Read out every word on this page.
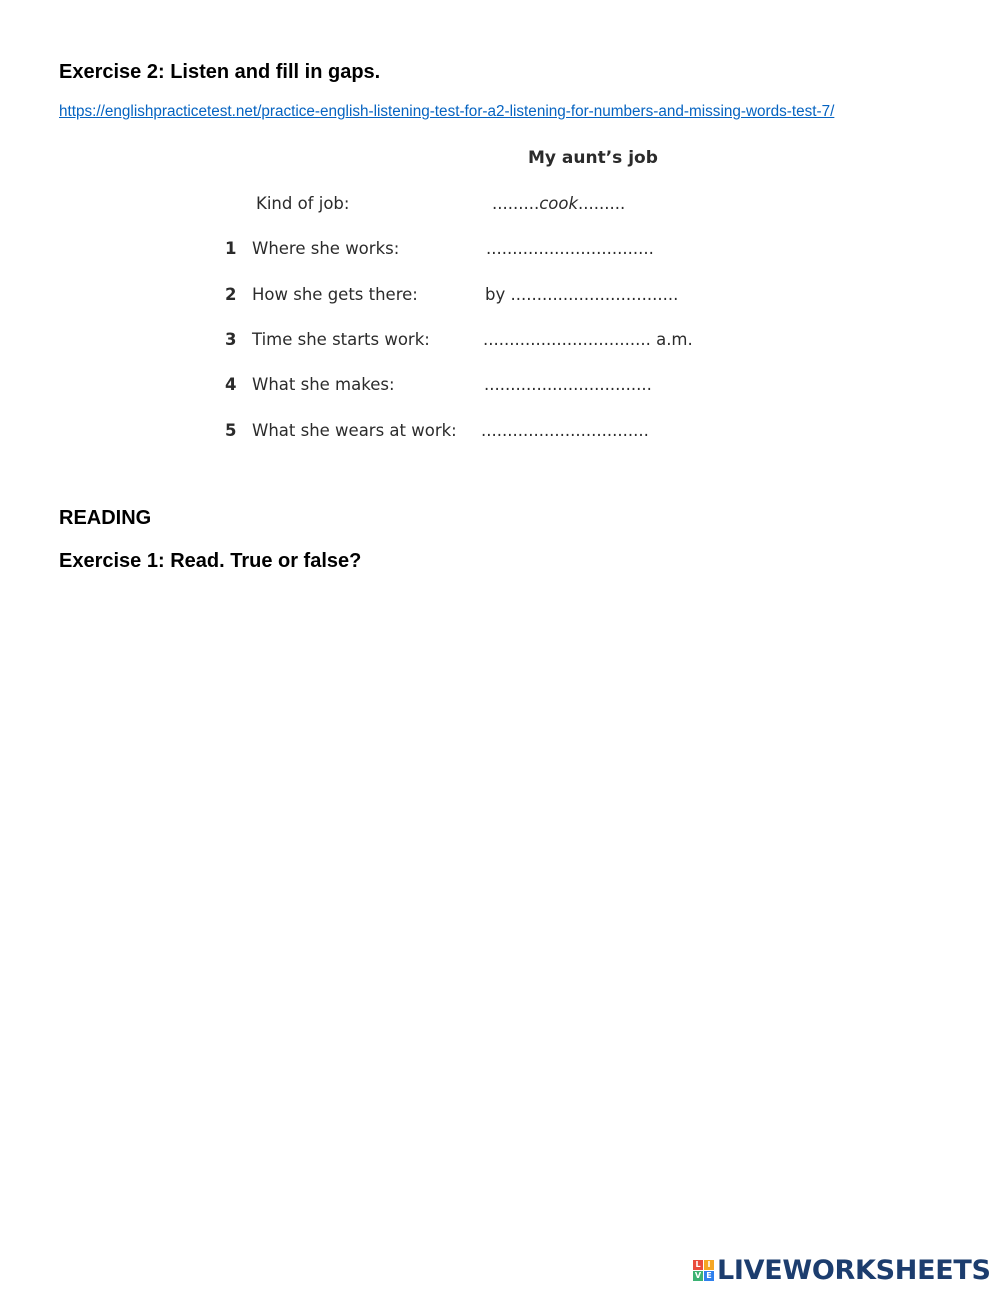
Exercise 2: Listen and fill in gaps.
https://englishpracticetest.net/practice-english-listening-test-for-a2-listening-for-numbers-and-missing-words-test-7/
My aunt’s job
Kind of job:	.........cook.........
1 Where she works:	................................
2 How she gets there:	by ................................
3 Time she starts work:	................................ a.m.
4 What she makes:	................................
5 What she wears at work: ................................
READING
Exercise 1: Read. True or false?
L I
V E LIVEWORKSHEETS
